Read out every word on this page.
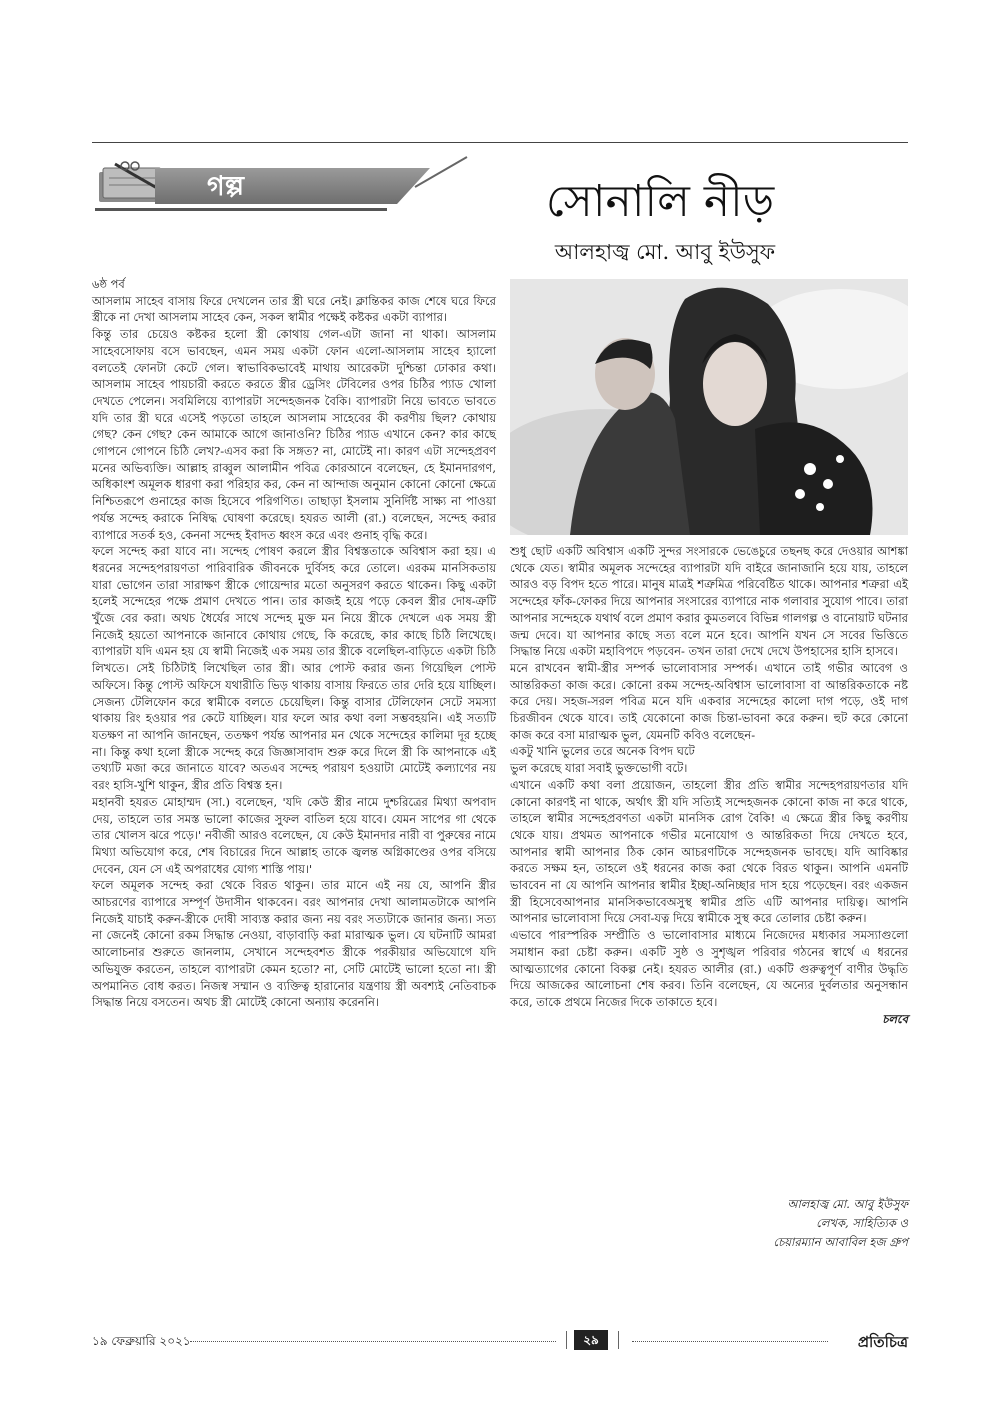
গল্প	সোনালি নীড়
আলহাজ্ব মো. আবু ইউসুফ

৬ষ্ঠ পর্ব

আসলাম সাহেব বাসায় ফিরে দেখলেন তার স্ত্রী ঘরে নেই। ক্লান্তিকর কাজ শেষে ঘরে ফিরে স্ত্রীকে না দেখা আসলাম সাহেব কেন, সকল স্বামীর পক্ষেই কষ্টকর একটা ব্যাপার।

কিন্তু তার চেয়েও কষ্টকর হলো স্ত্রী কোথায় গেল-এটা জানা না থাকা। আসলাম সাহেবসোফায় বসে ভাবছেন, এমন সময় একটা ফোন এলো-আসলাম সাহেব হ্যালো বলতেই ফোনটা কেটে গেল। স্বাভাবিকভাবেই মাথায় আরেকটা দুশ্চিন্তা ঢোকার কথা। আসলাম সাহেব পায়চারী করতে করতে স্ত্রীর ড্রেসিং টেবিলের ওপর চিঠির প্যাড খোলা দেখতে পেলেন। সবমিলিয়ে ব্যাপারটা সন্দেহজনক বৈকি। ব্যাপারটা নিয়ে ভাবতে ভাবতে যদি তার স্ত্রী ঘরে এসেই পড়তো তাহলে আসলাম সাহেবের কী করণীয় ছিল? কোথায় গেছ? কেন গেছ? কেন আমাকে আগে জানাওনি? চিঠির প্যাড এখানে কেন? কার কাছে গোপনে গোপনে চিঠি লেখ?-এসব করা কি সঙ্গত? না, মোটেই না। কারণ এটা সন্দেহপ্রবণ মনের অভিব্যক্তি। আল্লাহ রাব্বুল আলামীন পবিত্র কোরআনে বলেছেন, হে ইমানদারগণ, অধিকাংশ অমূলক ধারণা করা পরিহার কর, কেন না আন্দাজ অনুমান কোনো কোনো ক্ষেত্রে নিশ্চিতরূপে গুনাহের কাজ হিসেবে পরিগণিত। তাছাড়া ইসলাম সুনির্দিষ্ট সাক্ষ্য না পাওয়া পর্যন্ত সন্দেহ করাকে নিষিদ্ধ ঘোষণা করেছে। হযরত আলী (রা.) বলেছেন, সন্দেহ করার ব্যাপারে সতর্ক হও, কেননা সন্দেহ ইবাদত ধ্বংস করে এবং গুনাহ বৃদ্ধি করে।

ফলে সন্দেহ করা যাবে না। সন্দেহ পোষণ করলে স্ত্রীর বিশ্বস্ততাকে অবিশ্বাস করা হয়। এ ধরনের সন্দেহপরায়ণতা পারিবারিক জীবনকে দুর্বিসহ করে তোলে। এরকম মানসিকতায় যারা ভোগেন তারা সারাক্ষণ স্ত্রীকে গোয়েন্দার মতো অনুসরণ করতে থাকেন। কিছু একটা হলেই সন্দেহের পক্ষে প্রমাণ দেখতে পান। তার কাজই হয়ে পড়ে কেবল স্ত্রীর দোষ-ত্রুটি খুঁজে বের করা। অথচ ধৈর্যের সাথে সন্দেহ মুক্ত মন নিয়ে স্ত্রীকে দেখলে এক সময় স্ত্রী নিজেই হয়তো আপনাকে জানাবে কোথায় গেছে, কি করেছে, কার কাছে চিঠি লিখেছে। ব্যাপারটা যদি এমন হয় যে স্বামী নিজেই এক সময় তার স্ত্রীকে বলেছিল-বাড়িতে একটা চিঠি লিখতে। সেই চিঠিটাই লিখেছিল তার স্ত্রী। আর পোস্ট করার জন্য গিয়েছিল পোস্ট অফিসে। কিন্তু পোস্ট অফিসে যথারীতি ভিড় থাকায় বাসায় ফিরতে তার দেরি হয়ে যাচ্ছিল। সেজন্য টেলিফোন করে স্বামীকে বলতে চেয়েছিল। কিন্তু বাসার টেলিফোন সেটে সমস্যা থাকায় রিং হওয়ার পর কেটে যাচ্ছিল। যার ফলে আর কথা বলা সম্ভবহয়নি। এই সত্যটি যতক্ষণ না আপনি জানছেন, ততক্ষণ পর্যন্ত আপনার মন থেকে সন্দেহের কালিমা দূর হচ্ছে না। কিন্তু কথা হলো স্ত্রীকে সন্দেহ করে জিজ্ঞাসাবাদ শুরু করে দিলে স্ত্রী কি আপনাকে এই তথ্যটি মজা করে জানাতে যাবে? অতএব সন্দেহ পরায়ণ হওয়াটা মোটেই কল্যাণের নয় বরং হাসি-খুশি থাকুন, স্ত্রীর প্রতি বিশ্বস্ত হন।

মহানবী হযরত মোহাম্মদ (সা.) বলেছেন, 'যদি কেউ স্ত্রীর নামে দুশ্চরিত্রের মিথ্যা অপবাদ দেয়, তাহলে তার সমস্ত ভালো কাজের সুফল বাতিল হয়ে যাবে। যেমন সাপের গা থেকে তার খোলস ঝরে পড়ে।' নবীজী আরও বলেছেন, যে কেউ ইমানদার নারী বা পুরুষের নামে মিথ্যা অভিযোগ করে, শেষ বিচারের দিনে আল্লাহ তাকে জ্বলন্ত অগ্নিকাণ্ডের ওপর বসিয়ে দেবেন, যেন সে এই অপরাধের যোগ্য শাস্তি পায়।'

ফলে অমূলক সন্দেহ করা থেকে বিরত থাকুন। তার মানে এই নয় যে, আপনি স্ত্রীর আচরণের ব্যাপারে সম্পূর্ণ উদাসীন থাকবেন। বরং আপনার দেখা আলামতটাকে আপনি নিজেই যাচাই করুন-স্ত্রীকে দোষী সাব্যস্ত করার জন্য নয় বরং সত্যটাকে জানার জন্য। সত্য না জেনেই কোনো রকম সিদ্ধান্ত নেওয়া, বাড়াবাড়ি করা মারাত্মক ভুল। যে ঘটনাটি আমরা আলোচনার শুরুতে জানলাম, সেখানে সন্দেহবশত স্ত্রীকে পরকীয়ার অভিযোগে যদি অভিযুক্ত করতেন, তাহলে ব্যাপারটা কেমন হতো? না, সেটি মোটেই ভালো হতো না। স্ত্রী অপমানিত বোধ করত। নিজস্ব সম্মান ও ব্যক্তিত্ব হারানোর যন্ত্রণায় স্ত্রী অবশ্যই নেতিবাচক সিদ্ধান্ত নিয়ে বসতেন। অথচ স্ত্রী মোটেই কোনো অন্যায় করেননি।

শুধু ছোট একটি অবিশ্বাস একটি সুন্দর সংসারকে ভেঙেচুরে তছনছ করে দেওয়ার আশঙ্কা থেকে যেত। স্বামীর অমূলক সন্দেহের ব্যাপারটা যদি বাইরে জানাজানি হয়ে যায়, তাহলে আরও বড় বিপদ হতে পারে। মানুষ মাত্রই শত্রুমিত্র পরিবেষ্টিত থাকে। আপনার শত্রুরা এই সন্দেহের ফাঁক-ফোকর দিয়ে আপনার সংসারের ব্যাপারে নাক গলাবার সুযোগ পাবে। তারা আপনার সন্দেহকে যথার্থ বলে প্রমাণ করার কুমতলবে বিভিন্ন গালগল্প ও বানোয়াট ঘটনার জন্ম দেবে। যা আপনার কাছে সত্য বলে মনে হবে। আপনি যখন সে সবের ভিত্তিতে সিদ্ধান্ত নিয়ে একটা মহাবিপদে পড়বেন- তখন তারা দেখে দেখে উপহাসের হাসি হাসবে।

মনে রাখবেন স্বামী-স্ত্রীর সম্পর্ক ভালোবাসার সম্পর্ক। এখানে তাই গভীর আবেগ ও আন্তরিকতা কাজ করে। কোনো রকম সন্দেহ-অবিশ্বাস ভালোবাসা বা আন্তরিকতাকে নষ্ট করে দেয়। সহজ-সরল পবিত্র মনে যদি একবার সন্দেহের কালো দাগ পড়ে, ওই দাগ চিরজীবন থেকে যাবে। তাই যেকোনো কাজ চিন্তা-ভাবনা করে করুন। হুট করে কোনো কাজ করে বসা মারাত্মক ভুল, যেমনটি কবিও বলেছেন-

একটু খানি ভুলের তরে অনেক বিপদ ঘটে

ভুল করেছে যারা সবাই ভুক্তভোগী বটে।

এখানে একটি কথা বলা প্রয়োজন, তাহলো স্ত্রীর প্রতি স্বামীর সন্দেহপরায়ণতার যদি কোনো কারণই না থাকে, অর্থাৎ স্ত্রী যদি সত্যিই সন্দেহজনক কোনো কাজ না করে থাকে, তাহলে স্বামীর সন্দেহপ্রবণতা একটা মানসিক রোগ বৈকি! এ ক্ষেত্রে স্ত্রীর কিছু করণীয় থেকে যায়। প্রথমত আপনাকে গভীর মনোযোগ ও আন্তরিকতা দিয়ে দেখতে হবে, আপনার স্বামী আপনার ঠিক কোন আচরণটিকে সন্দেহজনক ভাবছে। যদি আবিষ্কার করতে সক্ষম হন, তাহলে ওই ধরনের কাজ করা থেকে বিরত থাকুন। আপনি এমনটি ভাববেন না যে আপনি আপনার স্বামীর ইচ্ছা-অনিচ্ছার দাস হয়ে পড়েছেন। বরং একজন স্ত্রী হিসেবেআপনার মানসিকভাবেঅসুস্থ স্বামীর প্রতি এটি আপনার দায়িত্ব। আপনি আপনার ভালোবাসা দিয়ে সেবা-যত্ন দিয়ে স্বামীকে সুস্থ করে তোলার চেষ্টা করুন।

এভাবে পারস্পরিক সম্প্রীতি ও ভালোবাসার মাধ্যমে নিজেদের মধ্যকার সমস্যাগুলো সমাধান করা চেষ্টা করুন। একটি সুষ্ঠ ও সুশৃঙ্খল পরিবার গঠনের স্বার্থে এ ধরনের আত্মত্যাগের কোনো বিকল্প নেই। হযরত আলীর (রা.) একটি গুরুত্বপূর্ণ বাণীর উদ্ধৃতি দিয়ে আজকের আলোচনা শেষ করব। তিনি বলেছেন, যে অন্যের দুর্বলতার অনুসন্ধান করে, তাকে প্রথমে নিজের দিকে তাকাতে হবে।

চলবে

আলহাজ্ব মো. আবু ইউসুফ
লেখক, সাহিত্যিক ও
চেয়ারম্যান আবাবিল হজ গ্রুপ
১৯ ফেব্রুয়ারি ২০২১	২৯	প্রতিচিত্র
